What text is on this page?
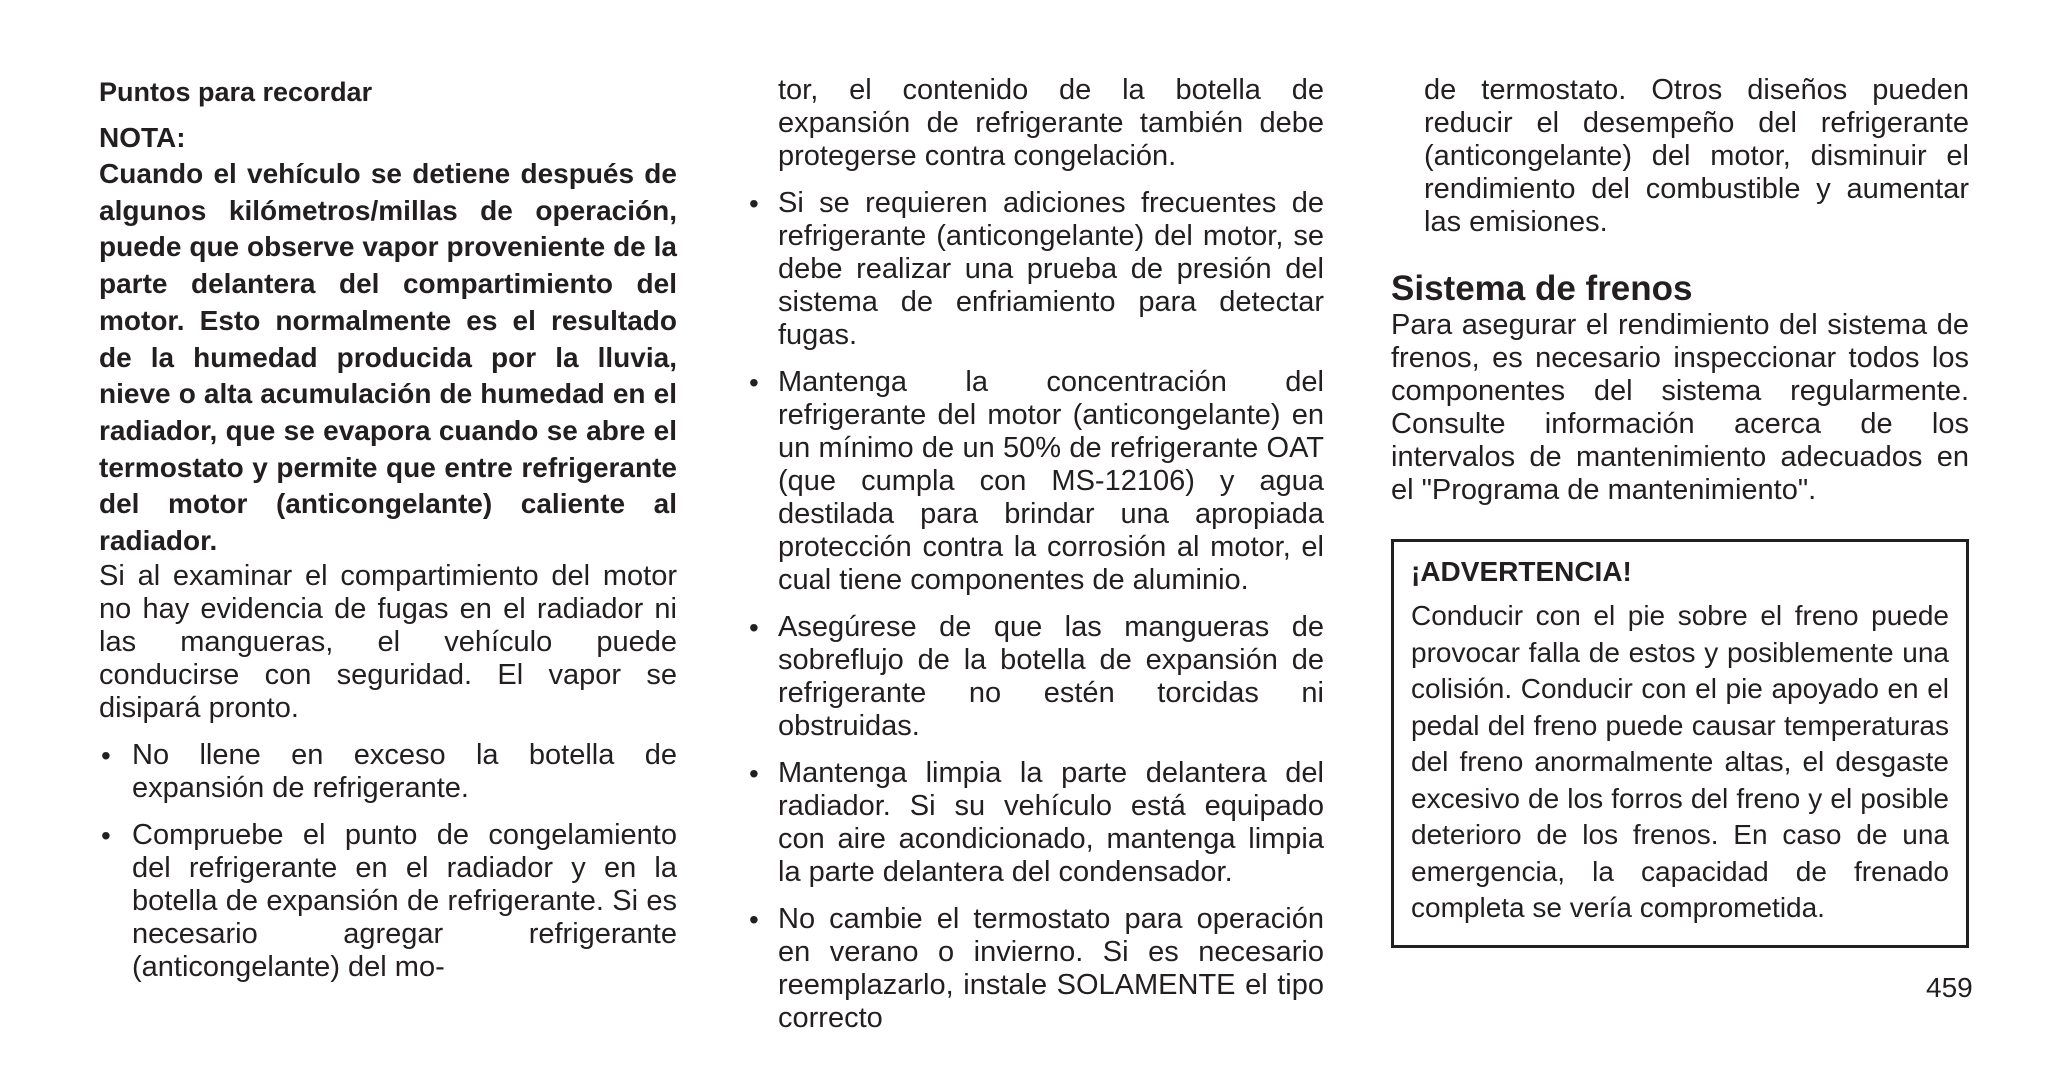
Puntos para recordar

NOTA:

Cuando el vehículo se detiene después de algunos kilómetros/millas de operación, puede que observe vapor proveniente de la parte delantera del compartimiento del motor. Esto normalmente es el resultado de la humedad producida por la lluvia, nieve o alta acumulación de humedad en el radiador, que se evapora cuando se abre el termostato y permite que entre refrigerante del motor (anticongelante) caliente al radiador.

Si al examinar el compartimiento del motor no hay evidencia de fugas en el radiador ni las mangueras, el vehículo puede conducirse con seguridad. El vapor se disipará pronto.

• No llene en exceso la botella de expansión de refrigerante.
• Compruebe el punto de congelamiento del refrigerante en el radiador y en la botella de expansión de refrigerante. Si es necesario agregar refrigerante (anticongelante) del mo-

tor, el contenido de la botella de expansión de refrigerante también debe protegerse contra congelación.

• Si se requieren adiciones frecuentes de refrigerante (anticongelante) del motor, se debe realizar una prueba de presión del sistema de enfriamiento para detectar fugas.
• Mantenga la concentración del refrigerante del motor (anticongelante) en un mínimo de un 50% de refrigerante OAT (que cumpla con MS-12106) y agua destilada para brindar una apropiada protección contra la corrosión al motor, el cual tiene componentes de aluminio.
• Asegúrese de que las mangueras de sobreflujo de la botella de expansión de refrigerante no estén torcidas ni obstruidas.
• Mantenga limpia la parte delantera del radiador. Si su vehículo está equipado con aire acondicionado, mantenga limpia la parte delantera del condensador.
• No cambie el termostato para operación en verano o invierno. Si es necesario reemplazarlo, instale SOLAMENTE el tipo correcto

de termostato. Otros diseños pueden reducir el desempeño del refrigerante (anticongelante) del motor, disminuir el rendimiento del combustible y aumentar las emisiones.

Sistema de frenos

Para asegurar el rendimiento del sistema de frenos, es necesario inspeccionar todos los componentes del sistema regularmente. Consulte información acerca de los intervalos de mantenimiento adecuados en el "Programa de mantenimiento".

¡ADVERTENCIA!

Conducir con el pie sobre el freno puede provocar falla de estos y posiblemente una colisión. Conducir con el pie apoyado en el pedal del freno puede causar temperaturas del freno anormalmente altas, el desgaste excesivo de los forros del freno y el posible deterioro de los frenos. En caso de una emergencia, la capacidad de frenado completa se vería comprometida.

459
